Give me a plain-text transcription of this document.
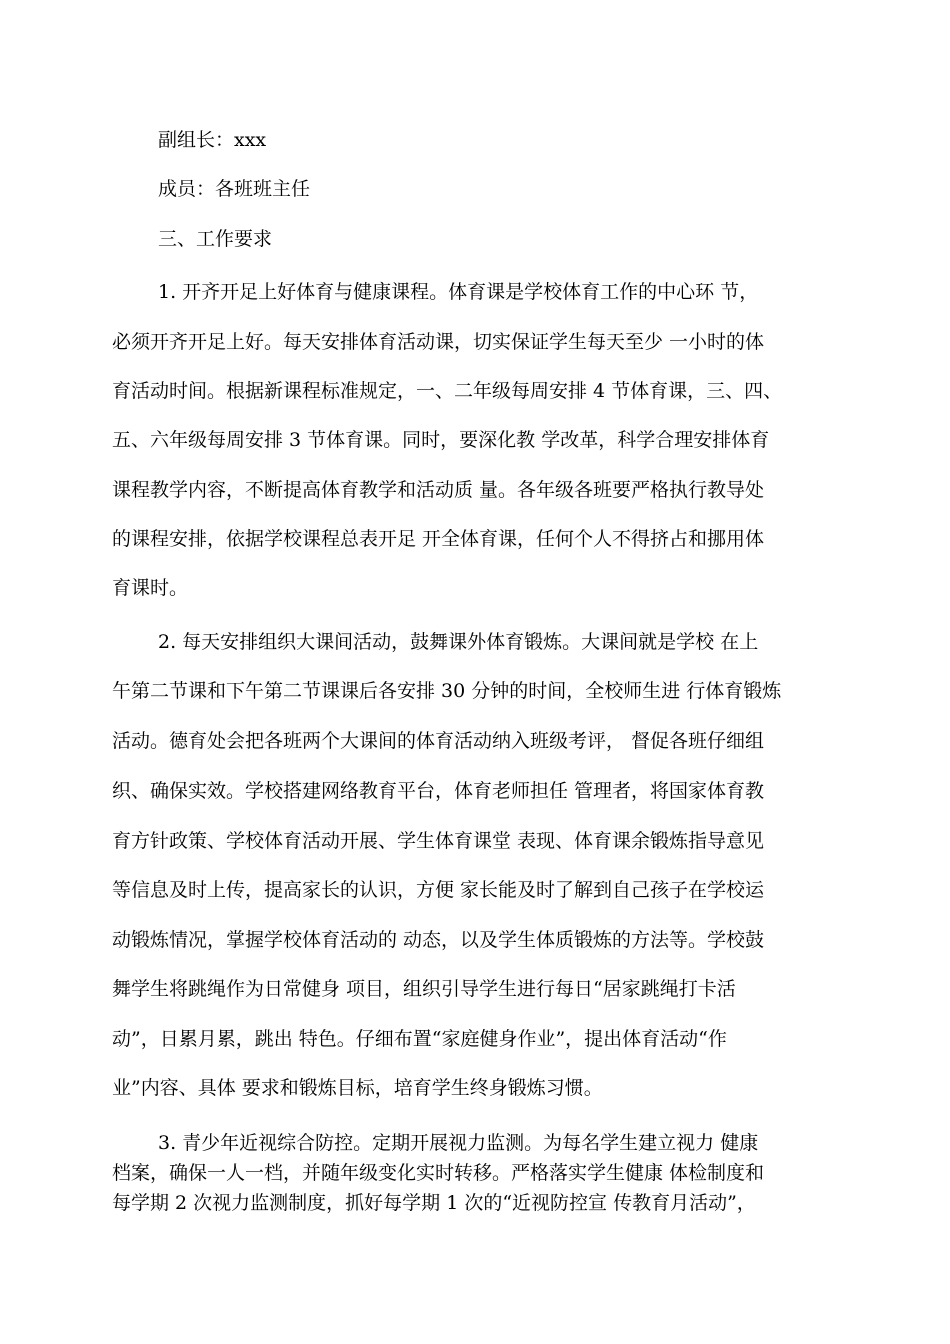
副组长：xxx
成员：各班班主任
三、工作要求
1. 开齐开足上好体育与健康课程。体育课是学校体育工作的中心环 节，
必须开齐开足上好。每天安排体育活动课，切实保证学生每天至少 一小时的体
育活动时间。根据新课程标准规定，一、二年级每周安排 4 节体育课，三、四、
五、六年级每周安排 3 节体育课。同时，要深化教 学改革，科学合理安排体育
课程教学内容，不断提高体育教学和活动质 量。各年级各班要严格执行教导处
的课程安排，依据学校课程总表开足 开全体育课，任何个人不得挤占和挪用体
育课时。
2. 每天安排组织大课间活动，鼓舞课外体育锻炼。大课间就是学校 在上
午第二节课和下午第二节课课后各安排 30 分钟的时间，全校师生进 行体育锻炼
活动。德育处会把各班两个大课间的体育活动纳入班级考评， 督促各班仔细组
织、确保实效。学校搭建网络教育平台，体育老师担任 管理者，将国家体育教
育方针政策、学校体育活动开展、学生体育课堂 表现、体育课余锻炼指导意见
等信息及时上传，提高家长的认识，方便 家长能及时了解到自己孩子在学校运
动锻炼情况，掌握学校体育活动的 动态，以及学生体质锻炼的方法等。学校鼓
舞学生将跳绳作为日常健身 项目，组织引导学生进行每日“居家跳绳打卡活
动”，日累月累，跳出 特色。仔细布置“家庭健身作业”，提出体育活动“作
业”内容、具体 要求和锻炼目标，培育学生终身锻炼习惯。
3. 青少年近视综合防控。定期开展视力监测。为每名学生建立视力 健康
档案，确保一人一档，并随年级变化实时转移。严格落实学生健康 体检制度和
每学期 2 次视力监测制度，抓好每学期 1 次的“近视防控宣 传教育月活动”，
